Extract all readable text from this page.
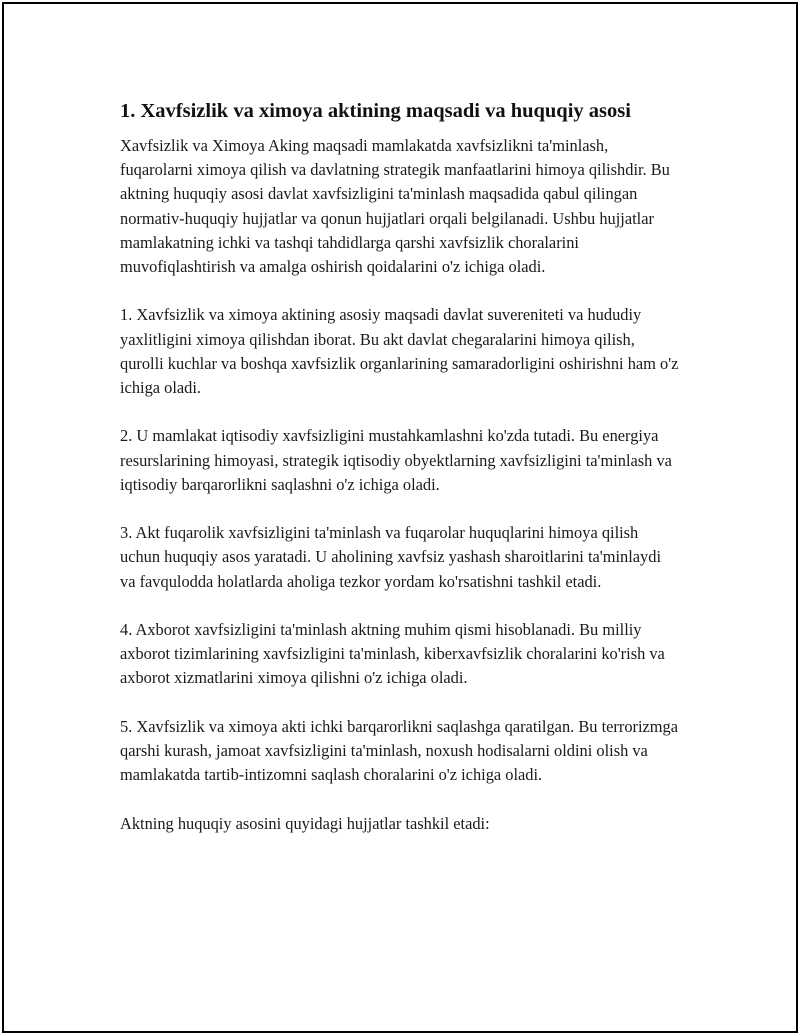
1. Xavfsizlik va ximoya aktining maqsadi va huquqiy asosi

Xavfsizlik va Ximoya Aking maqsadi mamlakatda xavfsizlikni ta'minlash, fuqarolarni ximoya qilish va davlatning strategik manfaatlarini himoya qilishdir. Bu aktning huquqiy asosi davlat xavfsizligini ta'minlash maqsadida qabul qilingan normativ-huquqiy hujjatlar va qonun hujjatlari orqali belgilanadi. Ushbu hujjatlar mamlakatning ichki va tashqi tahdidlarga qarshi xavfsizlik choralarini muvofiqlashtirish va amalga oshirish qoidalarini o'z ichiga oladi.

1. Xavfsizlik va ximoya aktining asosiy maqsadi davlat suvereniteti va hududiy yaxlitligini ximoya qilishdan iborat. Bu akt davlat chegaralarini himoya qilish, qurolli kuchlar va boshqa xavfsizlik organlarining samaradorligini oshirishni ham o'z ichiga oladi.

2. U mamlakat iqtisodiy xavfsizligini mustahkamlashni ko'zda tutadi. Bu energiya resurslarining himoyasi, strategik iqtisodiy obyektlarning xavfsizligini ta'minlash va iqtisodiy barqarorlikni saqlashni o'z ichiga oladi.

3. Akt fuqarolik xavfsizligini ta'minlash va fuqarolar huquqlarini himoya qilish uchun huquqiy asos yaratadi. U aholining xavfsiz yashash sharoitlarini ta'minlaydi va favqulodda holatlarda aholiga tezkor yordam ko'rsatishni tashkil etadi.

4. Axborot xavfsizligini ta'minlash aktning muhim qismi hisoblanadi. Bu milliy axborot tizimlarining xavfsizligini ta'minlash, kiberxavfsizlik choralarini ko'rish va axborot xizmatlarini ximoya qilishni o'z ichiga oladi.

5. Xavfsizlik va ximoya akti ichki barqarorlikni saqlashga qaratilgan. Bu terrorizmga qarshi kurash, jamoat xavfsizligini ta'minlash, noxush hodisalarni oldini olish va mamlakatda tartib-intizomni saqlash choralarini o'z ichiga oladi.

Aktning huquqiy asosini quyidagi hujjatlar tashkil etadi:
